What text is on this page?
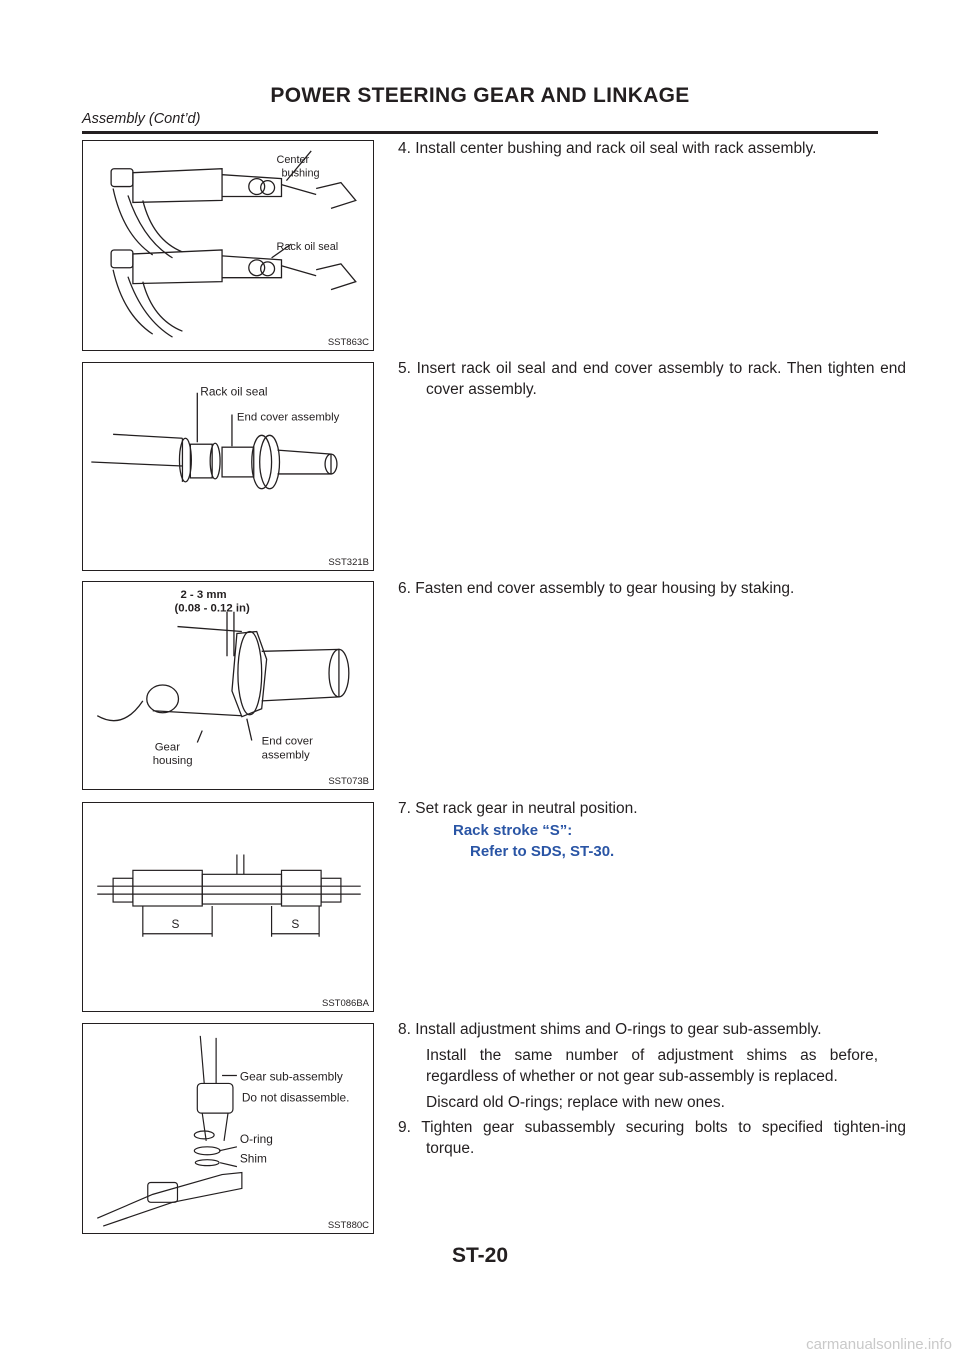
POWER STEERING GEAR AND LINKAGE
Assembly (Cont’d)
Center
bushing
Rack oil seal
SST863C
Rack oil seal
End cover assembly
SST321B
2 - 3 mm
(0.08 - 0.12 in)
Gear
housing
End cover
assembly
SST073B
S	S
SST086BA
Gear sub-assembly
Do not disassemble.
O-ring
Shim
SST880C

4. Install center bushing and rack oil seal with rack assembly.

5. Insert rack oil seal and end cover assembly to rack. Then tighten end cover assembly.

6. Fasten end cover assembly to gear housing by staking.

7. Set rack gear in neutral position.

Rack stroke “S”:
Refer to SDS, ST-30.

8. Install adjustment shims and O-rings to gear sub-assembly.

Install the same number of adjustment shims as before, regardless of whether or not gear sub-assembly is replaced.

Discard old O-rings; replace with new ones.

9. Tighten gear subassembly securing bolts to specified tighten-ing torque.

ST-20
carmanualsonline.info
